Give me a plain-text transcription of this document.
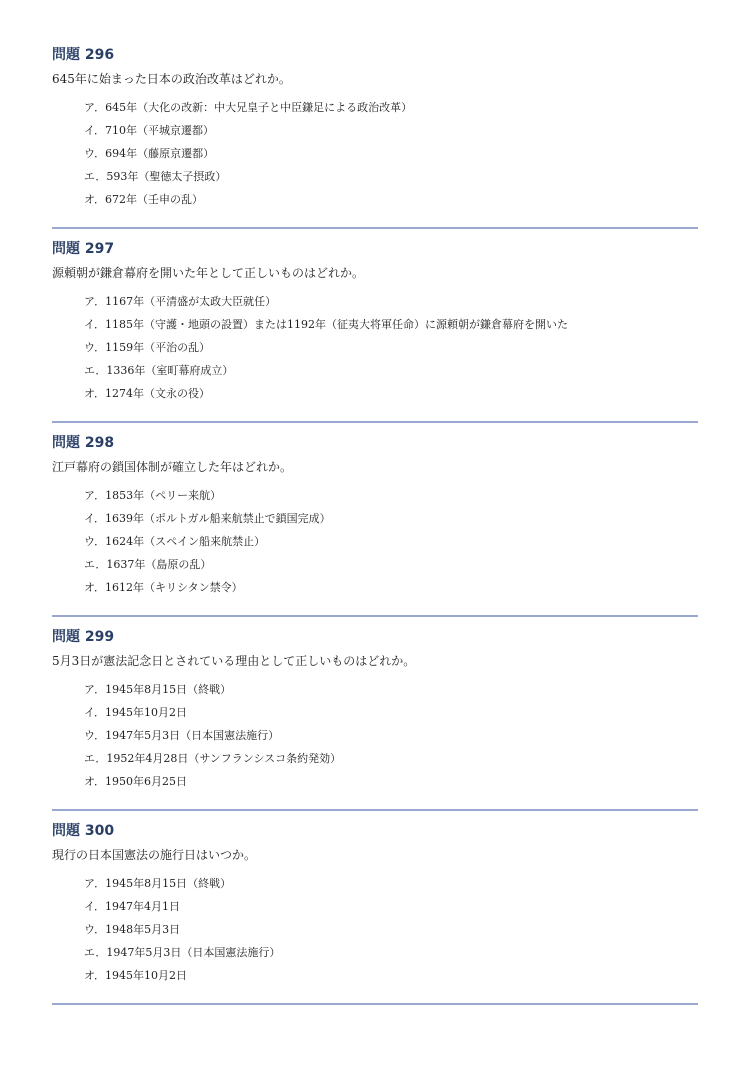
問題 296
645年に始まった日本の政治改革はどれか。
ア．645年（大化の改新：中大兄皇子と中臣鎌足による政治改革）
イ．710年（平城京遷都）
ウ．694年（藤原京遷都）
エ．593年（聖徳太子摂政）
オ．672年（壬申の乱）
問題 297
源頼朝が鎌倉幕府を開いた年として正しいものはどれか。
ア．1167年（平清盛が太政大臣就任）
イ．1185年（守護・地頭の設置）または1192年（征夷大将軍任命）に源頼朝が鎌倉幕府を開いた
ウ．1159年（平治の乱）
エ．1336年（室町幕府成立）
オ．1274年（文永の役）
問題 298
江戸幕府の鎖国体制が確立した年はどれか。
ア．1853年（ペリー来航）
イ．1639年（ポルトガル船来航禁止で鎖国完成）
ウ．1624年（スペイン船来航禁止）
エ．1637年（島原の乱）
オ．1612年（キリシタン禁令）
問題 299
5月3日が憲法記念日とされている理由として正しいものはどれか。
ア．1945年8月15日（終戦）
イ．1945年10月2日
ウ．1947年5月3日（日本国憲法施行）
エ．1952年4月28日（サンフランシスコ条約発効）
オ．1950年6月25日
問題 300
現行の日本国憲法の施行日はいつか。
ア．1945年8月15日（終戦）
イ．1947年4月1日
ウ．1948年5月3日
エ．1947年5月3日（日本国憲法施行）
オ．1945年10月2日
